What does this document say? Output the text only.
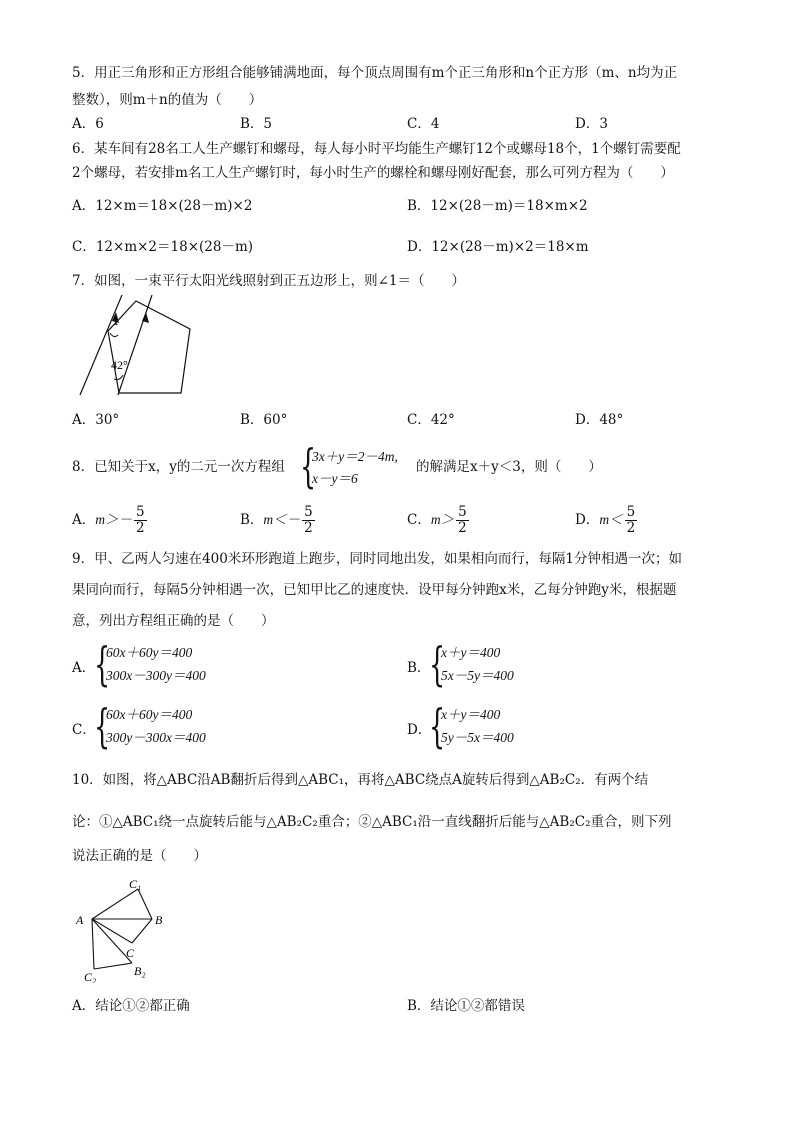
5．用正三角形和正方形组合能够铺满地面，每个顶点周围有m个正三角形和n个正方形（m、n均为正
整数），则m＋n的值为（　　）
A．6	B．5	C．4	D．3
6．某车间有28名工人生产螺钉和螺母，每人每小时平均能生产螺钉12个或螺母18个，1个螺钉需要配
2个螺母，若安排m名工人生产螺钉时，每小时生产的螺栓和螺母刚好配套，那么可列方程为（　　）
A．12×m＝18×(28－m)×2	B．12×(28－m)＝18×m×2
C．12×m×2＝18×(28－m)	D．12×(28－m)×2＝18×m
7．如图，一束平行太阳光线照射到正五边形上，则∠1＝（　　）
1
42°
A．30°	B．60°	C．42°	D．48°
8．已知关于x，y的二元一次方程组 {
3x＋y＝2－4m,
x－y＝6
的解满足x＋y＜3，则（　　）
A．$m>- \frac{5}{2}$	B．$m<- \frac{5}{2}$	C．$m> \frac{5}{2}$	D．$m< \frac{5}{2}$
9．甲、乙两人匀速在400米环形跑道上跑步，同时同地出发，如果相向而行，每隔1分钟相遇一次；如
果同向而行，每隔5分钟相遇一次，已知甲比乙的速度快．设甲每分钟跑x米，乙每分钟跑y米，根据题
意，列出方程组正确的是（　　）
A．
{
60x＋60y＝400
300x－300y＝400	B．
{
x＋y＝400
5x－5y＝400
C．
{
60x＋60y＝400
300y－300x＝400	D．
{
x＋y＝400
5y－5x＝400
10．如图，将△ABC沿AB翻折后得到△ABC₁，再将△ABC绕点A旋转后得到△AB₂C₂．有两个结
论：①△ABC₁绕一点旋转后能与△AB₂C₂重合；②△ABC₁沿一直线翻折后能与△AB₂C₂重合，则下列
说法正确的是（　　）
C₁
A	B
C
C₂	B₂
A．结论①②都正确	B．结论①②都错误
